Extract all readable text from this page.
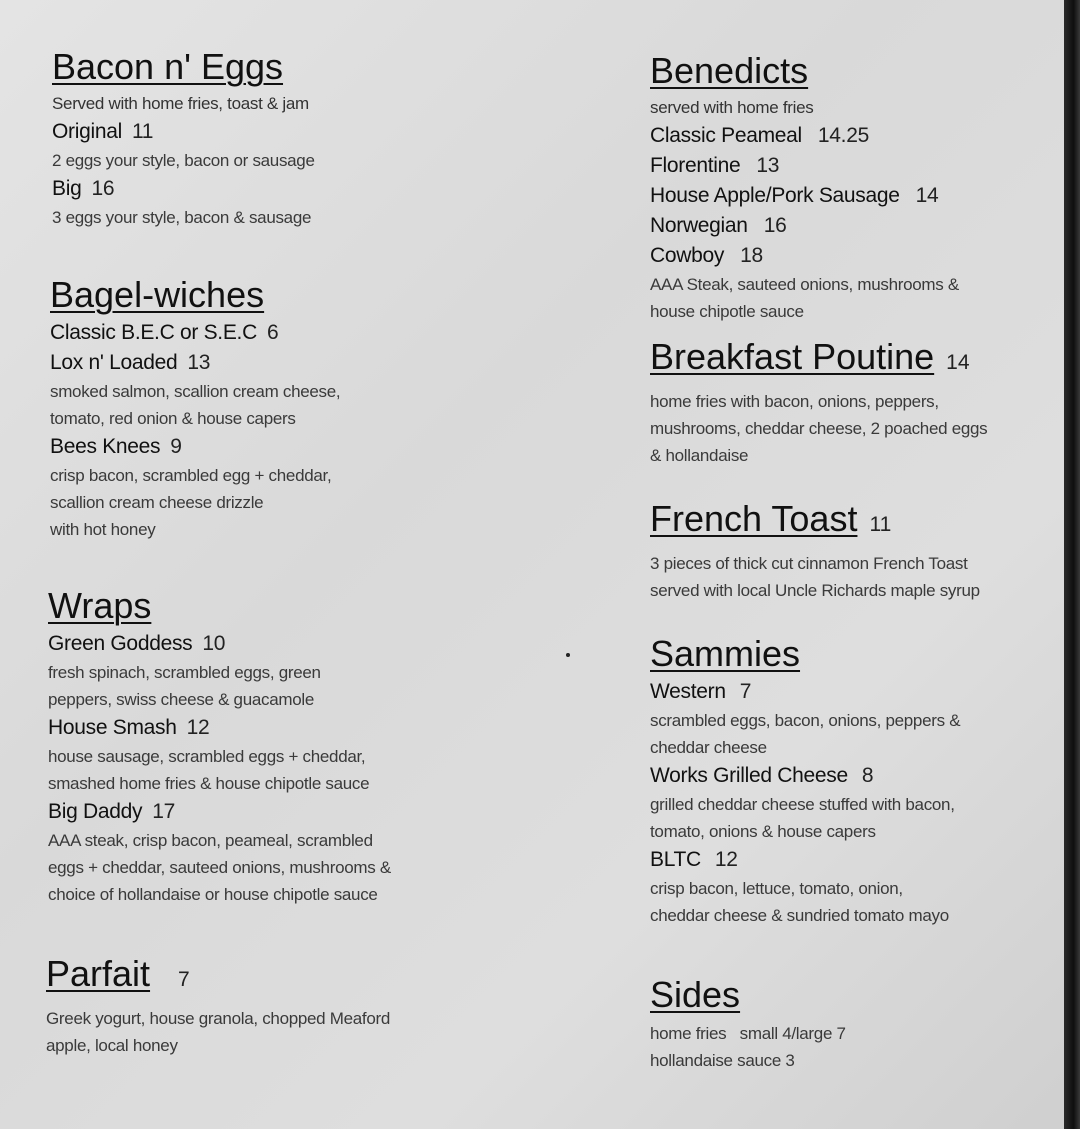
Bacon n' Eggs
Served with home fries, toast & jam
Original 11
2 eggs your style, bacon or sausage
Big 16
3 eggs your style, bacon & sausage
Bagel-wiches
Classic B.E.C or S.E.C 6
Lox n' Loaded 13
smoked salmon, scallion cream cheese,
tomato, red onion & house capers
Bees Knees 9
crisp bacon, scrambled egg + cheddar,
scallion cream cheese drizzle
with hot honey
Wraps
Green Goddess 10
fresh spinach, scrambled eggs, green
peppers, swiss cheese & guacamole
House Smash 12
house sausage, scrambled eggs + cheddar,
smashed home fries & house chipotle sauce
Big Daddy 17
AAA steak, crisp bacon, peameal, scrambled
eggs + cheddar, sauteed onions, mushrooms &
choice of hollandaise or house chipotle sauce
Parfait 7
Greek yogurt, house granola, chopped Meaford
apple, local honey
Benedicts
served with home fries
Classic Peameal 14.25
Florentine 13
House Apple/Pork Sausage 14
Norwegian 16
Cowboy 18
AAA Steak, sauteed onions, mushrooms &
house chipotle sauce
Breakfast Poutine 14
home fries with bacon, onions, peppers,
mushrooms, cheddar cheese, 2 poached eggs
& hollandaise
French Toast 11
3 pieces of thick cut cinnamon French Toast
served with local Uncle Richards maple syrup
Sammies
Western 7
scrambled eggs, bacon, onions, peppers &
cheddar cheese
Works Grilled Cheese 8
grilled cheddar cheese stuffed with bacon,
tomato, onions & house capers
BLTC 12
crisp bacon, lettuce, tomato, onion,
cheddar cheese & sundried tomato mayo
Sides
home fries   small 4/large 7
hollandaise sauce 3
